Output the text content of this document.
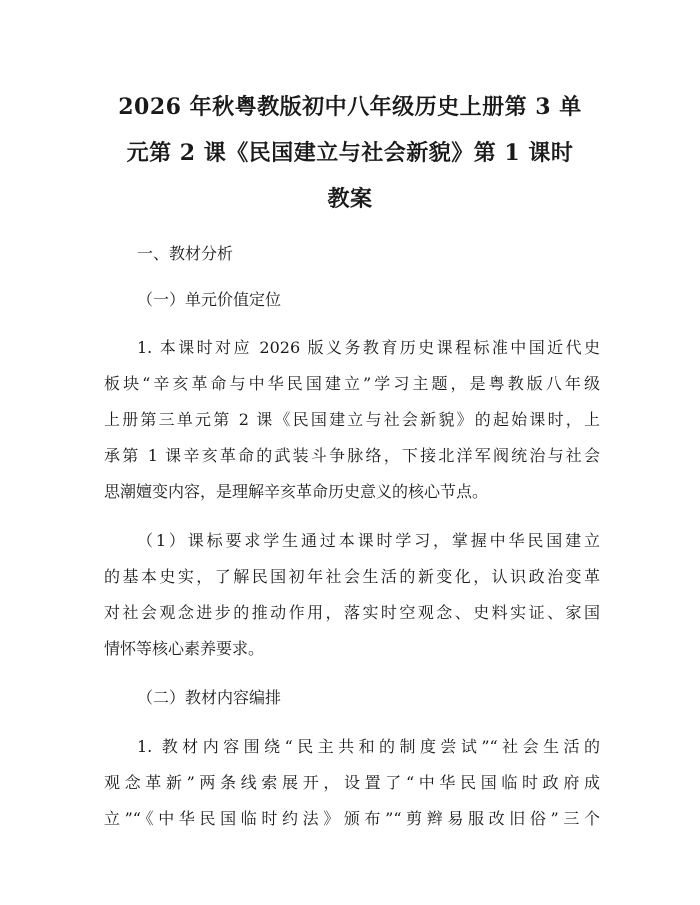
2026 年秋粤教版初中八年级历史上册第 3 单
元第 2 课《民国建立与社会新貌》第 1 课时
教案
一、教材分析
（一）单元价值定位
1. 本课时对应 2026 版义务教育历史课程标准中国近代史
板块“辛亥革命与中华民国建立”学习主题，是粤教版八年级
上册第三单元第 2 课《民国建立与社会新貌》的起始课时，上
承第 1 课辛亥革命的武装斗争脉络，下接北洋军阀统治与社会
思潮嬗变内容，是理解辛亥革命历史意义的核心节点。
（1）课标要求学生通过本课时学习，掌握中华民国建立
的基本史实，了解民国初年社会生活的新变化，认识政治变革
对社会观念进步的推动作用，落实时空观念、史料实证、家国
情怀等核心素养要求。
（二）教材内容编排
1. 教材内容围绕“民主共和的制度尝试”“社会生活的
观念革新”两条线索展开，设置了“中华民国临时政府成
立”“《中华民国临时约法》颁布”“剪辫易服改旧俗”三个
